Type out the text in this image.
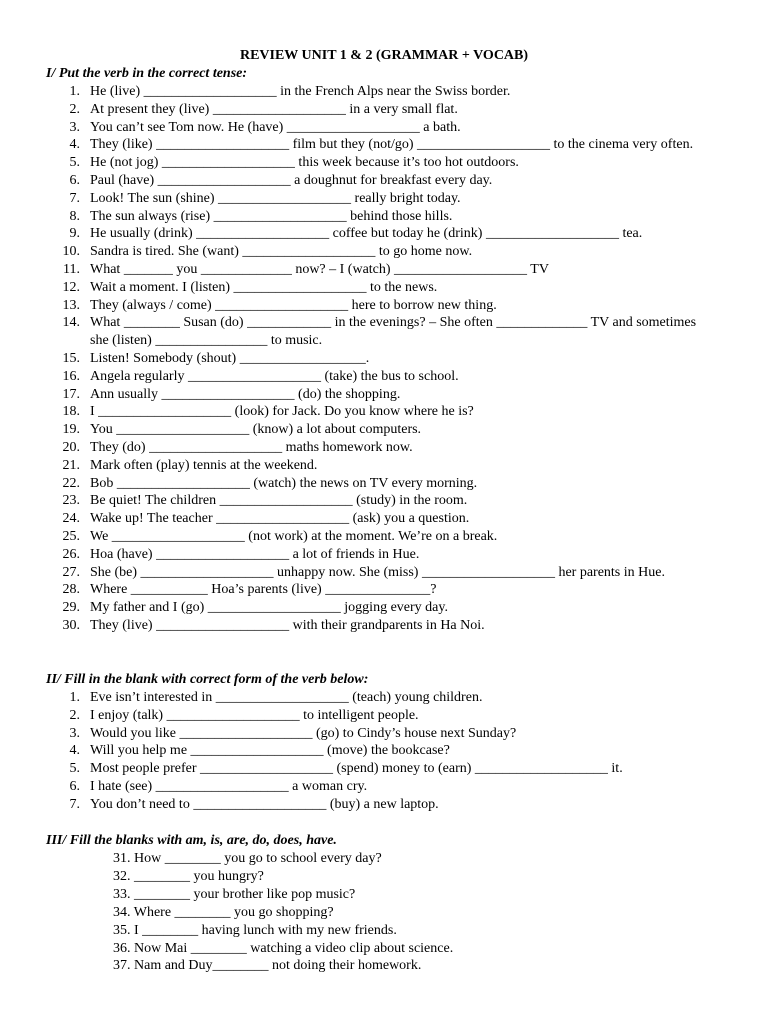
REVIEW UNIT 1 & 2 (GRAMMAR + VOCAB)
I/ Put the verb in the correct tense:
1. He (live) ___________________ in the French Alps near the Swiss border.
2. At present they (live) ___________________ in a very small flat.
3. You can’t see Tom now. He (have) ___________________ a bath.
4. They (like) ___________________ film but they (not/go) ___________________ to the cinema very often.
5. He (not jog) ___________________ this week because it’s too hot outdoors.
6. Paul (have) ___________________ a doughnut for breakfast every day.
7. Look! The sun (shine) ___________________ really bright today.
8. The sun always (rise) ___________________ behind those hills.
9. He usually (drink) ___________________ coffee but today he (drink) ___________________ tea.
10. Sandra is tired. She (want) ___________________ to go home now.
11. What _______ you _____________ now? – I (watch) ___________________ TV
12. Wait a moment. I (listen) ___________________ to the news.
13. They (always / come) ___________________ here to borrow new thing.
14. What ________ Susan (do) ____________ in the evenings? – She often _____________ TV and sometimes she (listen) ________________ to music.
15. Listen! Somebody (shout) __________________.
16. Angela regularly ___________________ (take) the bus to school.
17. Ann usually ___________________ (do) the shopping.
18. I ___________________ (look) for Jack. Do you know where he is?
19. You ___________________ (know) a lot about computers.
20. They (do) ___________________ maths homework now.
21. Mark often (play) tennis at the weekend.
22. Bob ___________________ (watch) the news on TV every morning.
23. Be quiet! The children ___________________ (study) in the room.
24. Wake up! The teacher ___________________ (ask) you a question.
25. We ___________________ (not work) at the moment. We’re on a break.
26. Hoa (have) ___________________ a lot of friends in Hue.
27. She (be) ___________________ unhappy now. She (miss) ___________________ her parents in Hue.
28. Where ___________ Hoa’s parents (live) _______________?
29. My father and I (go) ___________________ jogging every day.
30. They (live) ___________________ with their grandparents in Ha Noi.
II/ Fill in the blank with correct form of the verb below:
1. Eve isn’t interested in ___________________ (teach) young children.
2. I enjoy (talk) ___________________ to intelligent people.
3. Would you like ___________________ (go) to Cindy’s house next Sunday?
4. Will you help me ___________________ (move) the bookcase?
5. Most people prefer ___________________ (spend) money to (earn) ___________________ it.
6. I hate (see) ___________________ a woman cry.
7. You don’t need to ___________________ (buy) a new laptop.
III/ Fill the blanks with am, is, are, do, does, have.
31. How ________ you go to school every day?
32. ________ you hungry?
33. ________ your brother like pop music?
34. Where ________ you go shopping?
35. I ________ having lunch with my new friends.
36. Now Mai ________ watching a video clip about science.
37. Nam and Duy________ not doing their homework.
